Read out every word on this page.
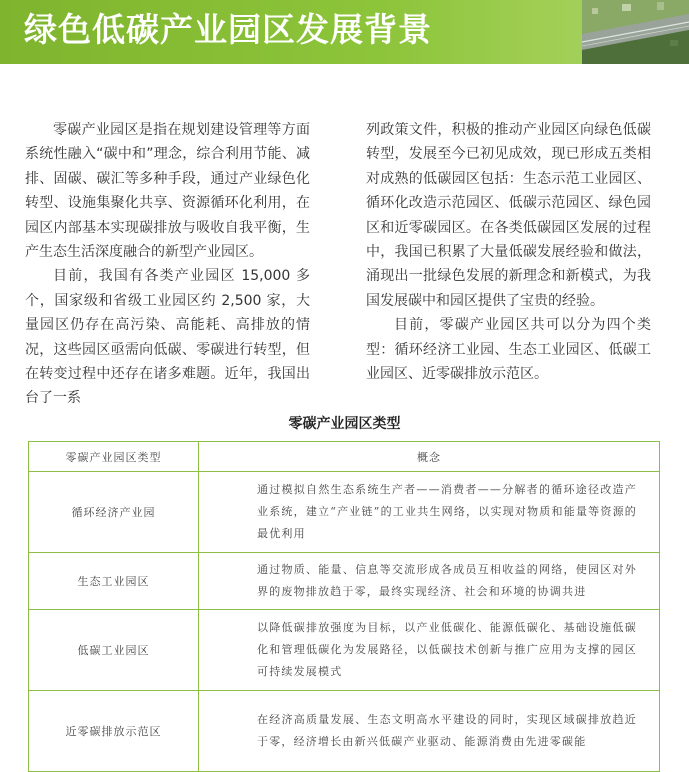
绿色低碳产业园区发展背景

零碳产业园区是指在规划建设管理等方面系统性融入“碳中和”理念，综合利用节能、减排、固碳、碳汇等多种手段，通过产业绿色化转型、设施集聚化共享、资源循环化利用，在园区内部基本实现碳排放与吸收自我平衡，生产生态生活深度融合的新型产业园区。

目前，我国有各类产业园区 15,000 多个，国家级和省级工业园区约 2,500 家，大量园区仍存在高污染、高能耗、高排放的情况，这些园区亟需向低碳、零碳进行转型，但在转变过程中还存在诸多难题。近年，我国出台了一系

列政策文件，积极的推动产业园区向绿色低碳转型，发展至今已初见成效，现已形成五类相对成熟的低碳园区包括：生态示范工业园区、循环化改造示范园区、低碳示范园区、绿色园区和近零碳园区。在各类低碳园区发展的过程中，我国已积累了大量低碳发展经验和做法，涌现出一批绿色发展的新理念和新模式，为我国发展碳中和园区提供了宝贵的经验。

目前，零碳产业园区共可以分为四个类型：循环经济工业园、生态工业园区、低碳工业园区、近零碳排放示范区。

零碳产业园区类型
零碳产业园区类型	概念
循环经济产业园	通过模拟自然生态系统生产者——消费者——分解者的循环途径改造产业系统，建立“产业链”的工业共生网络，以实现对物质和能量等资源的最优利用
生态工业园区	通过物质、能量、信息等交流形成各成员互相收益的网络，使园区对外界的废物排放趋于零，最终实现经济、社会和环境的协调共进
低碳工业园区	以降低碳排放强度为目标，以产业低碳化、能源低碳化、基础设施低碳化和管理低碳化为发展路径，以低碳技术创新与推广应用为支撑的园区可持续发展模式
近零碳排放示范区	在经济高质量发展、生态文明高水平建设的同时，实现区域碳排放趋近于零，经济增长由新兴低碳产业驱动、能源消费由先进零碳能
